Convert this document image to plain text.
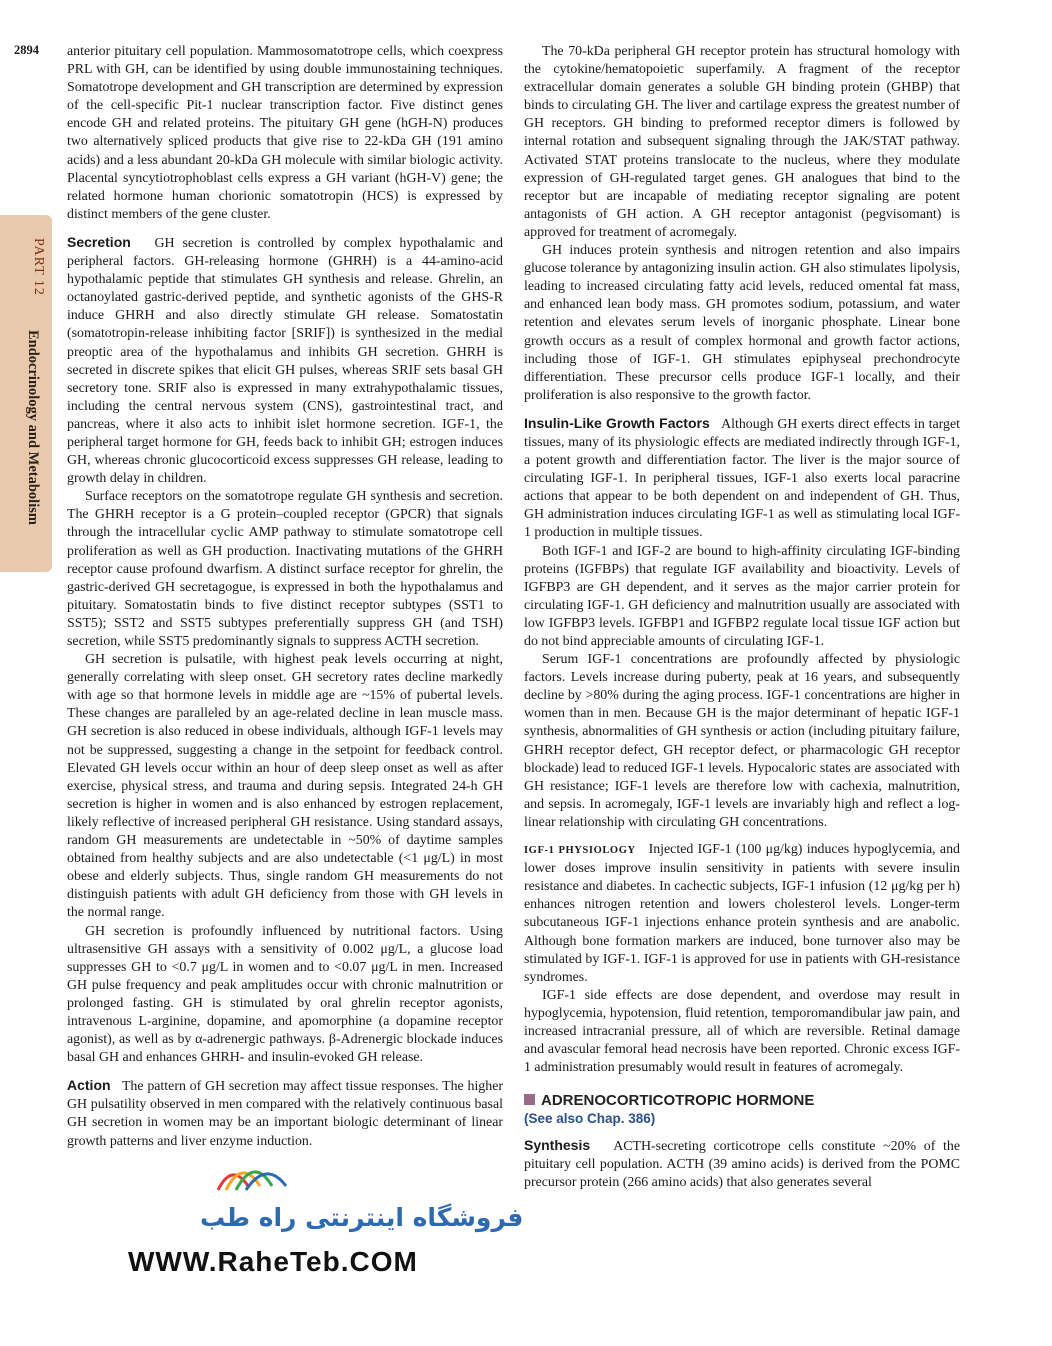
2894
PART 12
Endocrinology and Metabolism

anterior pituitary cell population. Mammosomatotrope cells, which coexpress PRL with GH, can be identified by using double immunostaining techniques. Somatotrope development and GH transcription are determined by expression of the cell-specific Pit-1 nuclear transcription factor. Five distinct genes encode GH and related proteins. The pituitary GH gene (hGH-N) produces two alternatively spliced products that give rise to 22-kDa GH (191 amino acids) and a less abundant 20-kDa GH molecule with similar biologic activity. Placental syncytiotrophoblast cells express a GH variant (hGH-V) gene; the related hormone human chorionic somatotropin (HCS) is expressed by distinct members of the gene cluster.

Secretion GH secretion is controlled by complex hypothalamic and peripheral factors. GH-releasing hormone (GHRH) is a 44-amino-acid hypothalamic peptide that stimulates GH synthesis and release. Ghrelin, an octanoylated gastric-derived peptide, and synthetic agonists of the GHS-R induce GHRH and also directly stimulate GH release. Somatostatin (somatotropin-release inhibiting factor [SRIF]) is synthesized in the medial preoptic area of the hypothalamus and inhibits GH secretion. GHRH is secreted in discrete spikes that elicit GH pulses, whereas SRIF sets basal GH secretory tone. SRIF also is expressed in many extrahypothalamic tissues, including the central nervous system (CNS), gastrointestinal tract, and pancreas, where it also acts to inhibit islet hormone secretion. IGF-1, the peripheral target hormone for GH, feeds back to inhibit GH; estrogen induces GH, whereas chronic glucocorticoid excess suppresses GH release, leading to growth delay in children.

Surface receptors on the somatotrope regulate GH synthesis and secretion. The GHRH receptor is a G protein–coupled receptor (GPCR) that signals through the intracellular cyclic AMP pathway to stimulate somatotrope cell proliferation as well as GH production. Inactivating mutations of the GHRH receptor cause profound dwarfism. A distinct surface receptor for ghrelin, the gastric-derived GH secretagogue, is expressed in both the hypothalamus and pituitary. Somatostatin binds to five distinct receptor subtypes (SST1 to SST5); SST2 and SST5 subtypes preferentially suppress GH (and TSH) secretion, while SST5 predominantly signals to suppress ACTH secretion.

GH secretion is pulsatile, with highest peak levels occurring at night, generally correlating with sleep onset. GH secretory rates decline markedly with age so that hormone levels in middle age are ~15% of pubertal levels. These changes are paralleled by an age-related decline in lean muscle mass. GH secretion is also reduced in obese individuals, although IGF-1 levels may not be suppressed, suggesting a change in the setpoint for feedback control. Elevated GH levels occur within an hour of deep sleep onset as well as after exercise, physical stress, and trauma and during sepsis. Integrated 24-h GH secretion is higher in women and is also enhanced by estrogen replacement, likely reflective of increased peripheral GH resistance. Using standard assays, random GH measurements are undetectable in ~50% of daytime samples obtained from healthy subjects and are also undetectable (<1 μg/L) in most obese and elderly subjects. Thus, single random GH measurements do not distinguish patients with adult GH deficiency from those with GH levels in the normal range.

GH secretion is profoundly influenced by nutritional factors. Using ultrasensitive GH assays with a sensitivity of 0.002 μg/L, a glucose load suppresses GH to <0.7 μg/L in women and to <0.07 μg/L in men. Increased GH pulse frequency and peak amplitudes occur with chronic malnutrition or prolonged fasting. GH is stimulated by oral ghrelin receptor agonists, intravenous L-arginine, dopamine, and apomorphine (a dopamine receptor agonist), as well as by α-adrenergic pathways. β-Adrenergic blockade induces basal GH and enhances GHRH- and insulin-evoked GH release.

Action The pattern of GH secretion may affect tissue responses. The higher GH pulsatility observed in men compared with the relatively continuous basal GH secretion in women may be an important biologic determinant of linear growth patterns and liver enzyme induction.

The 70-kDa peripheral GH receptor protein has structural homology with the cytokine/hematopoietic superfamily. A fragment of the receptor extracellular domain generates a soluble GH binding protein (GHBP) that binds to circulating GH. The liver and cartilage express the greatest number of GH receptors. GH binding to preformed receptor dimers is followed by internal rotation and subsequent signaling through the JAK/STAT pathway. Activated STAT proteins translocate to the nucleus, where they modulate expression of GH-regulated target genes. GH analogues that bind to the receptor but are incapable of mediating receptor signaling are potent antagonists of GH action. A GH receptor antagonist (pegvisomant) is approved for treatment of acromegaly.

GH induces protein synthesis and nitrogen retention and also impairs glucose tolerance by antagonizing insulin action. GH also stimulates lipolysis, leading to increased circulating fatty acid levels, reduced omental fat mass, and enhanced lean body mass. GH promotes sodium, potassium, and water retention and elevates serum levels of inorganic phosphate. Linear bone growth occurs as a result of complex hormonal and growth factor actions, including those of IGF-1. GH stimulates epiphyseal prechondrocyte differentiation. These precursor cells produce IGF-1 locally, and their proliferation is also responsive to the growth factor.

Insulin-Like Growth Factors Although GH exerts direct effects in target tissues, many of its physiologic effects are mediated indirectly through IGF-1, a potent growth and differentiation factor. The liver is the major source of circulating IGF-1. In peripheral tissues, IGF-1 also exerts local paracrine actions that appear to be both dependent on and independent of GH. Thus, GH administration induces circulating IGF-1 as well as stimulating local IGF-1 production in multiple tissues.

Both IGF-1 and IGF-2 are bound to high-affinity circulating IGF-binding proteins (IGFBPs) that regulate IGF availability and bioactivity. Levels of IGFBP3 are GH dependent, and it serves as the major carrier protein for circulating IGF-1. GH deficiency and malnutrition usually are associated with low IGFBP3 levels. IGFBP1 and IGFBP2 regulate local tissue IGF action but do not bind appreciable amounts of circulating IGF-1.

Serum IGF-1 concentrations are profoundly affected by physiologic factors. Levels increase during puberty, peak at 16 years, and subsequently decline by >80% during the aging process. IGF-1 concentrations are higher in women than in men. Because GH is the major determinant of hepatic IGF-1 synthesis, abnormalities of GH synthesis or action (including pituitary failure, GHRH receptor defect, GH receptor defect, or pharmacologic GH receptor blockade) lead to reduced IGF-1 levels. Hypocaloric states are associated with GH resistance; IGF-1 levels are therefore low with cachexia, malnutrition, and sepsis. In acromegaly, IGF-1 levels are invariably high and reflect a log-linear relationship with circulating GH concentrations.

IGF-1 PHYSIOLOGY Injected IGF-1 (100 μg/kg) induces hypoglycemia, and lower doses improve insulin sensitivity in patients with severe insulin resistance and diabetes. In cachectic subjects, IGF-1 infusion (12 μg/kg per h) enhances nitrogen retention and lowers cholesterol levels. Longer-term subcutaneous IGF-1 injections enhance protein synthesis and are anabolic. Although bone formation markers are induced, bone turnover also may be stimulated by IGF-1. IGF-1 is approved for use in patients with GH-resistance syndromes.

IGF-1 side effects are dose dependent, and overdose may result in hypoglycemia, hypotension, fluid retention, temporomandibular jaw pain, and increased intracranial pressure, all of which are reversible. Retinal damage and avascular femoral head necrosis have been reported. Chronic excess IGF-1 administration presumably would result in features of acromegaly.

ADRENOCORTICOTROPIC HORMONE
(See also Chap. 386)

Synthesis ACTH-secreting corticotrope cells constitute ~20% of the pituitary cell population. ACTH (39 amino acids) is derived from the POMC precursor protein (266 amino acids) that also generates several

فروشگاه اینترنتی راه طب
WWW.RaheTeb.COM
